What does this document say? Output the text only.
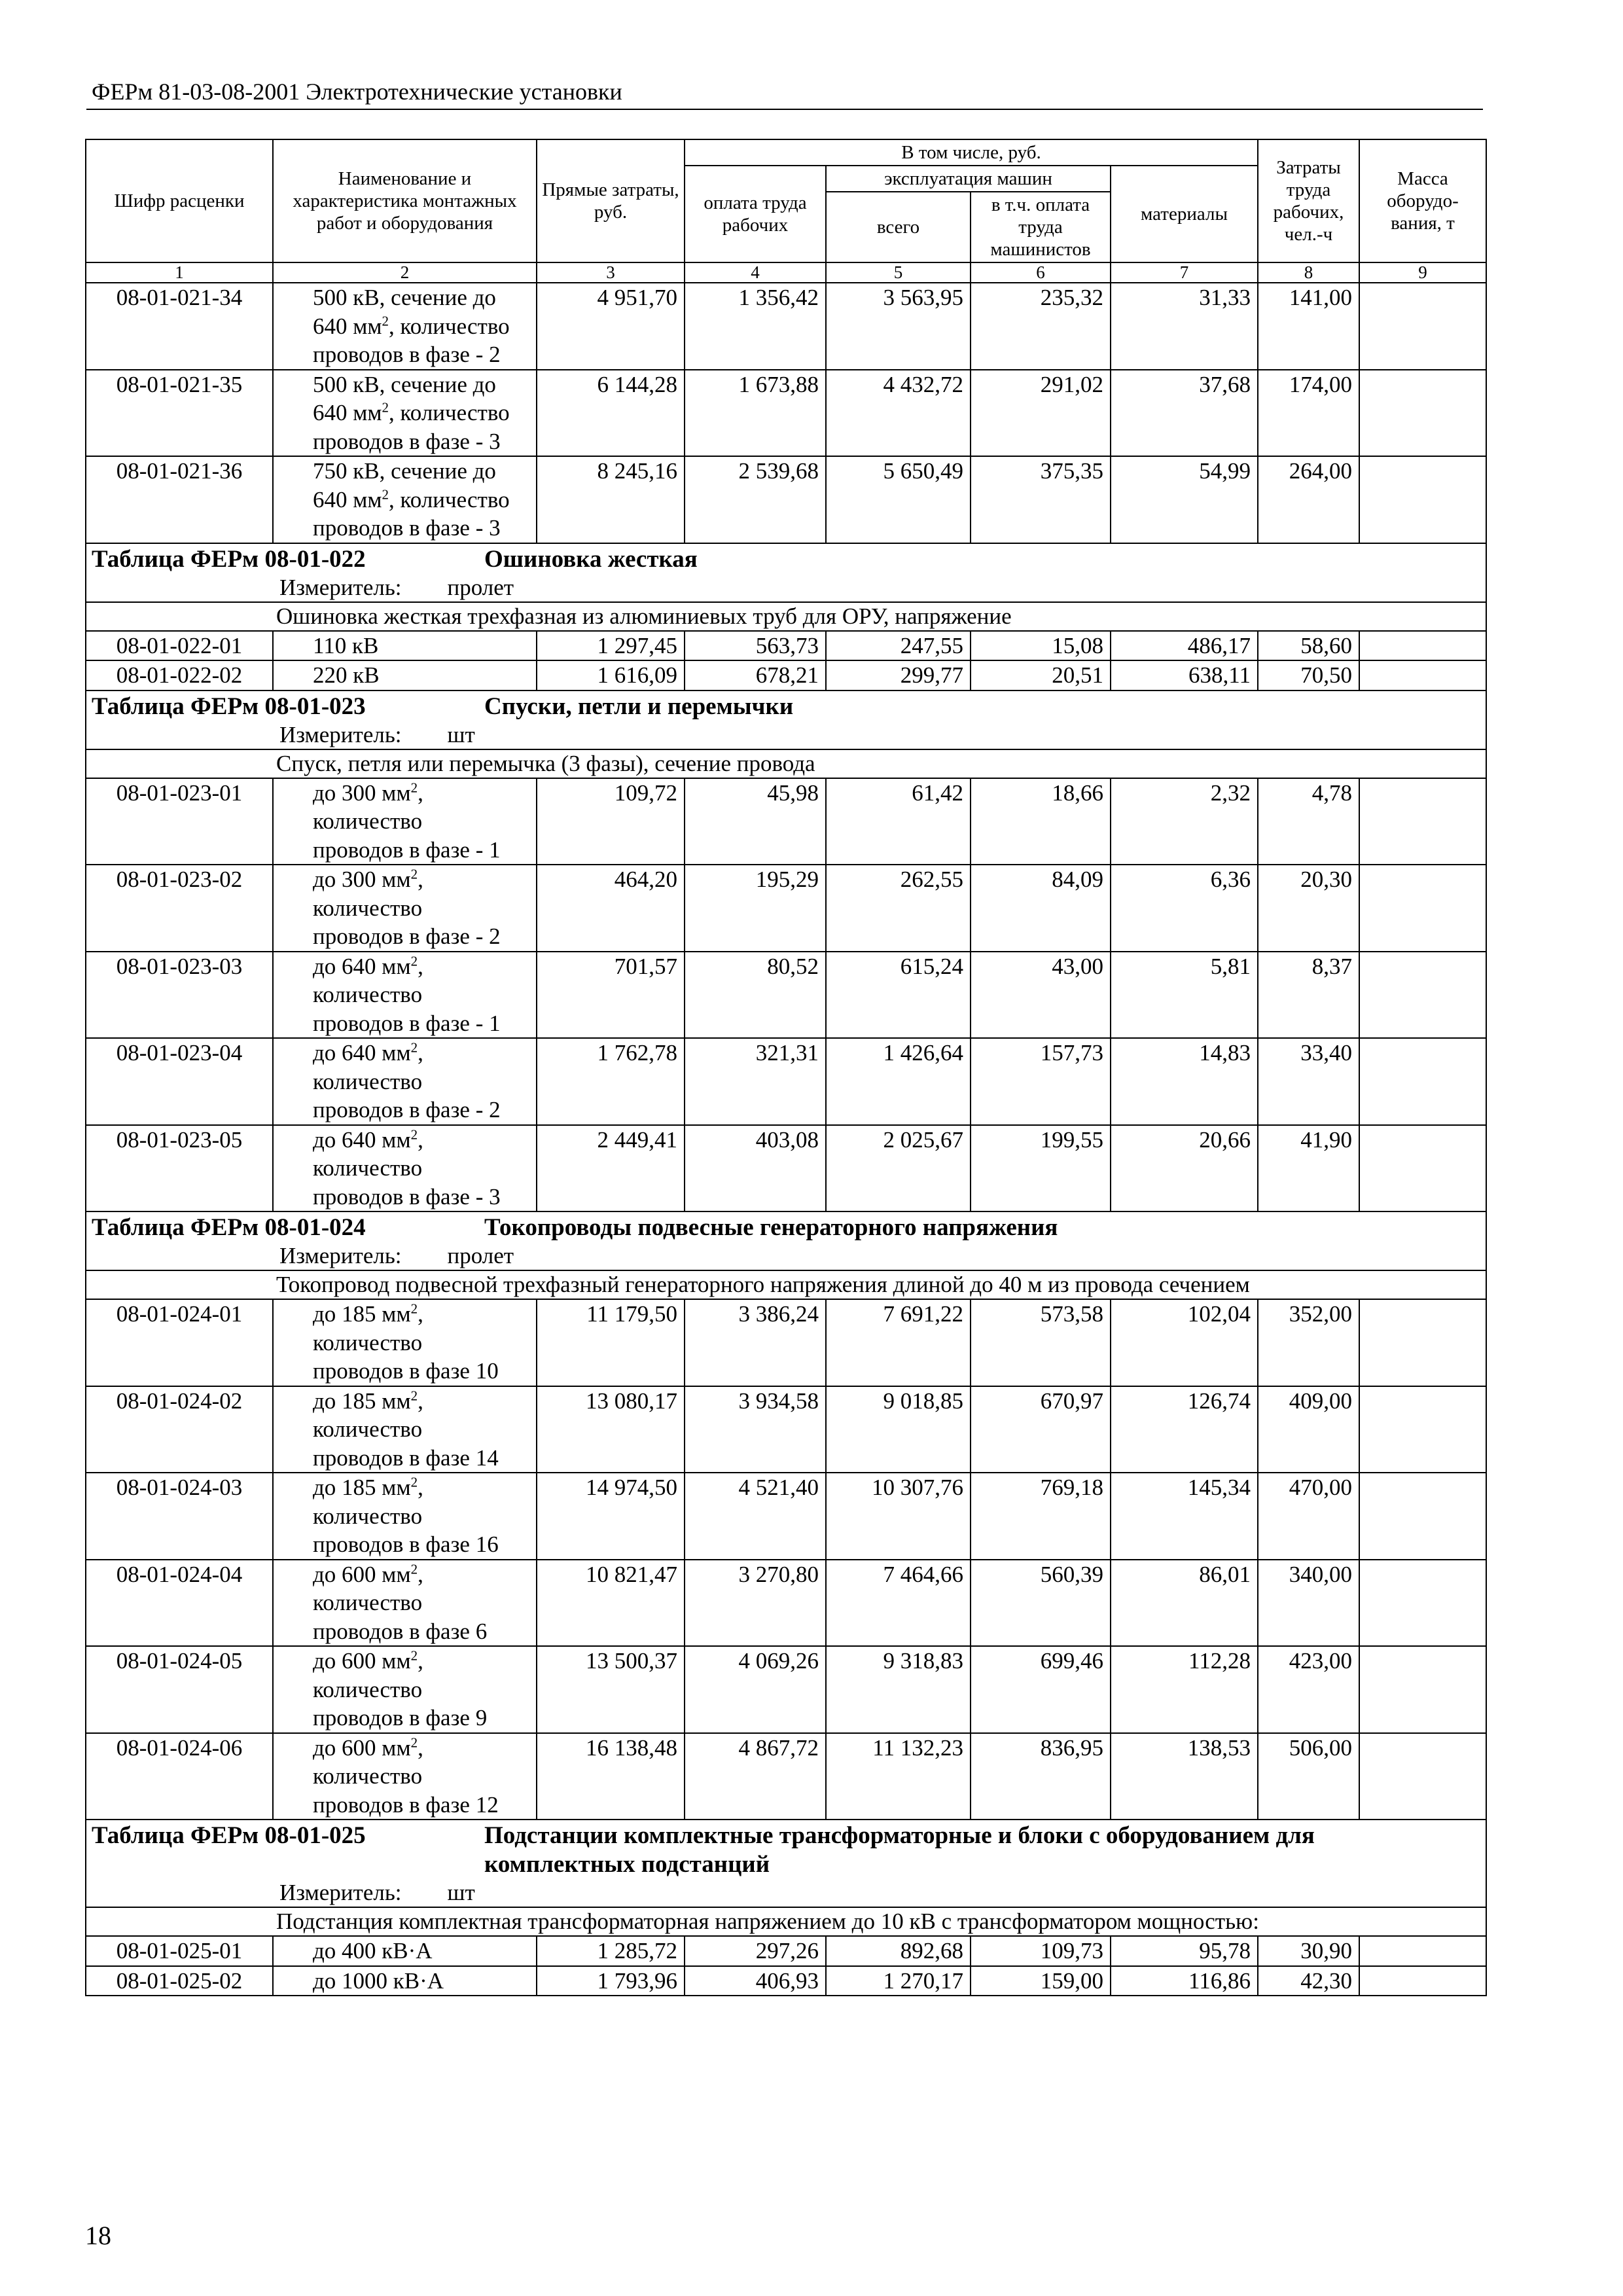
ФЕРм 81-03-08-2001 Электротехнические установки
Шифр расценки	Наименование и характеристика монтажных работ и оборудования	Прямые затраты, руб.	В том числе, руб.				Затраты труда рабочих, чел.-ч	Масса оборудо-вания, т
			оплата труда рабочих	эксплуатация машин		материалы		
				всего	в т.ч. оплата труда машинистов			
1	2	3	4	5	6	7	8	9
08-01-021-34	500 кВ, сечение до
640 $мм^2$, количество
проводов в фазе - 2	4 951,70	1 356,42	3 563,95	235,32	31,33	141,00	
08-01-021-35	500 кВ, сечение до
640 $мм^2$, количество
проводов в фазе - 3	6 144,28	1 673,88	4 432,72	291,02	37,68	174,00	
08-01-021-36	750 кВ, сечение до
640 $мм^2$, количество
проводов в фазе - 3	8 245,16	2 539,68	5 650,49	375,35	54,99	264,00	
Таблица ФЕРм 08-01-022 Ошиновка жесткая								
Измеритель: пролет								
	Ошиновка жесткая трехфазная из алюминиевых труб для ОРУ, напряжение							
08-01-022-01	110 кВ	1 297,45	563,73	247,55	15,08	486,17	58,60	
08-01-022-02	220 кВ	1 616,09	678,21	299,77	20,51	638,11	70,50	
Таблица ФЕРм 08-01-023 Спуски, петли и перемычки								
Измеритель: шт								
	Спуск, петля или перемычка (3 фазы), сечение провода							
08-01-023-01	до 300 $мм^2$,
количество
проводов в фазе - 1	109,72	45,98	61,42	18,66	2,32	4,78	
08-01-023-02	до 300 $мм^2$,
количество
проводов в фазе - 2	464,20	195,29	262,55	84,09	6,36	20,30	
08-01-023-03	до 640 $мм^2$,
количество
проводов в фазе - 1	701,57	80,52	615,24	43,00	5,81	8,37	
08-01-023-04	до 640 $мм^2$,
количество
проводов в фазе - 2	1 762,78	321,31	1 426,64	157,73	14,83	33,40	
08-01-023-05	до 640 $мм^2$,
количество
проводов в фазе - 3	2 449,41	403,08	2 025,67	199,55	20,66	41,90	
Таблица ФЕРм 08-01-024 Токопроводы подвесные генераторного напряжения								
Измеритель: пролет								
	Токопровод подвесной трехфазный генераторного напряжения длиной до 40 м из провода сечением							
08-01-024-01	до 185 $мм^2$,
количество
проводов в фазе 10	11 179,50	3 386,24	7 691,22	573,58	102,04	352,00	
08-01-024-02	до 185 $мм^2$,
количество
проводов в фазе 14	13 080,17	3 934,58	9 018,85	670,97	126,74	409,00	
08-01-024-03	до 185 $мм^2$,
количество
проводов в фазе 16	14 974,50	4 521,40	10 307,76	769,18	145,34	470,00	
08-01-024-04	до 600 $мм^2$,
количество
проводов в фазе 6	10 821,47	3 270,80	7 464,66	560,39	86,01	340,00	
08-01-024-05	до 600 $мм^2$,
количество
проводов в фазе 9	13 500,37	4 069,26	9 318,83	699,46	112,28	423,00	
08-01-024-06	до 600 $мм^2$,
количество
проводов в фазе 12	16 138,48	4 867,72	11 132,23	836,95	138,53	506,00	
Таблица ФЕРм 08-01-025 Подстанции комплектные трансформаторные и блоки с оборудованием для комплектных подстанций								
Измеритель: шт								
	Подстанция комплектная трансформаторная напряжением до 10 кВ с трансформатором мощностью:							
08-01-025-01	до 400 кВ·А	1 285,72	297,26	892,68	109,73	95,78	30,90	
08-01-025-02	до 1000 кВ·А	1 793,96	406,93	1 270,17	159,00	116,86	42,30	
18
